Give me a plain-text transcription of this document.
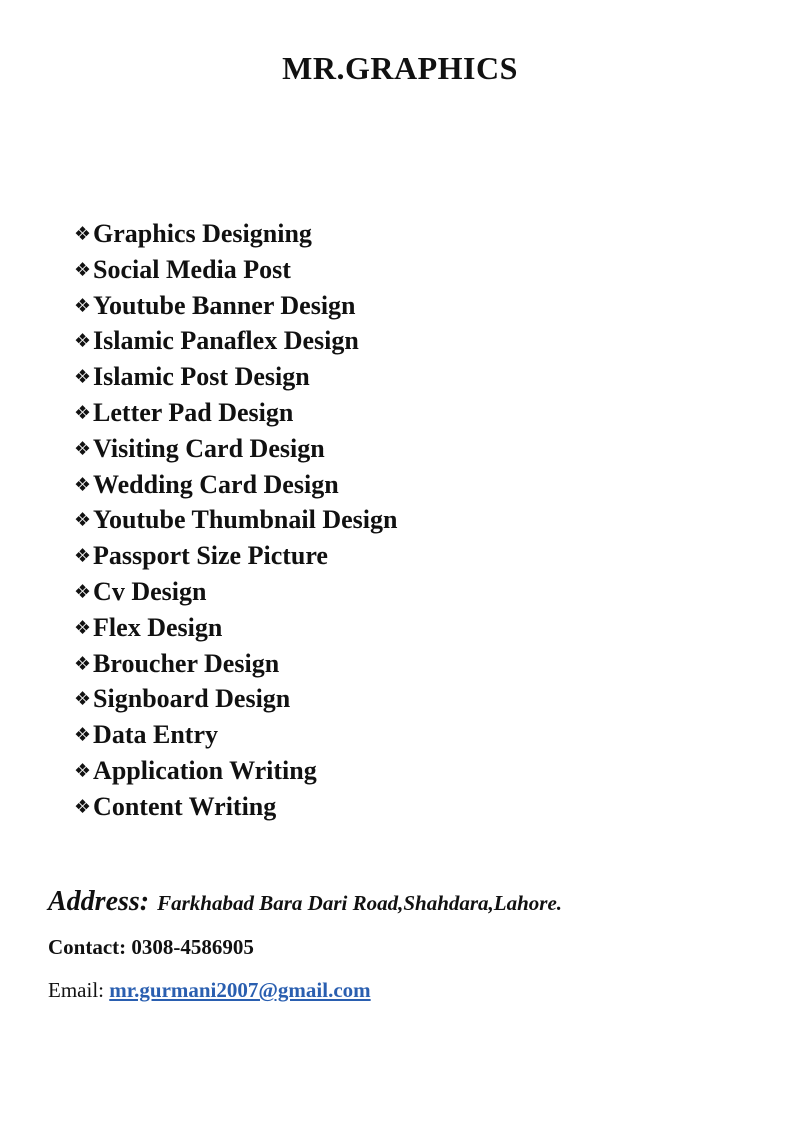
MR.GRAPHICS
❖Graphics Designing
❖Social Media Post
❖Youtube Banner Design
❖Islamic Panaflex Design
❖Islamic Post Design
❖Letter Pad Design
❖Visiting Card Design
❖Wedding Card Design
❖Youtube Thumbnail Design
❖Passport Size Picture
❖Cv Design
❖Flex Design
❖Broucher Design
❖Signboard Design
❖Data Entry
❖Application Writing
❖Content Writing
Address: Farkhabad Bara Dari Road,Shahdara,Lahore.
Contact: 0308-4586905
Email: mr.gurmani2007@gmail.com
